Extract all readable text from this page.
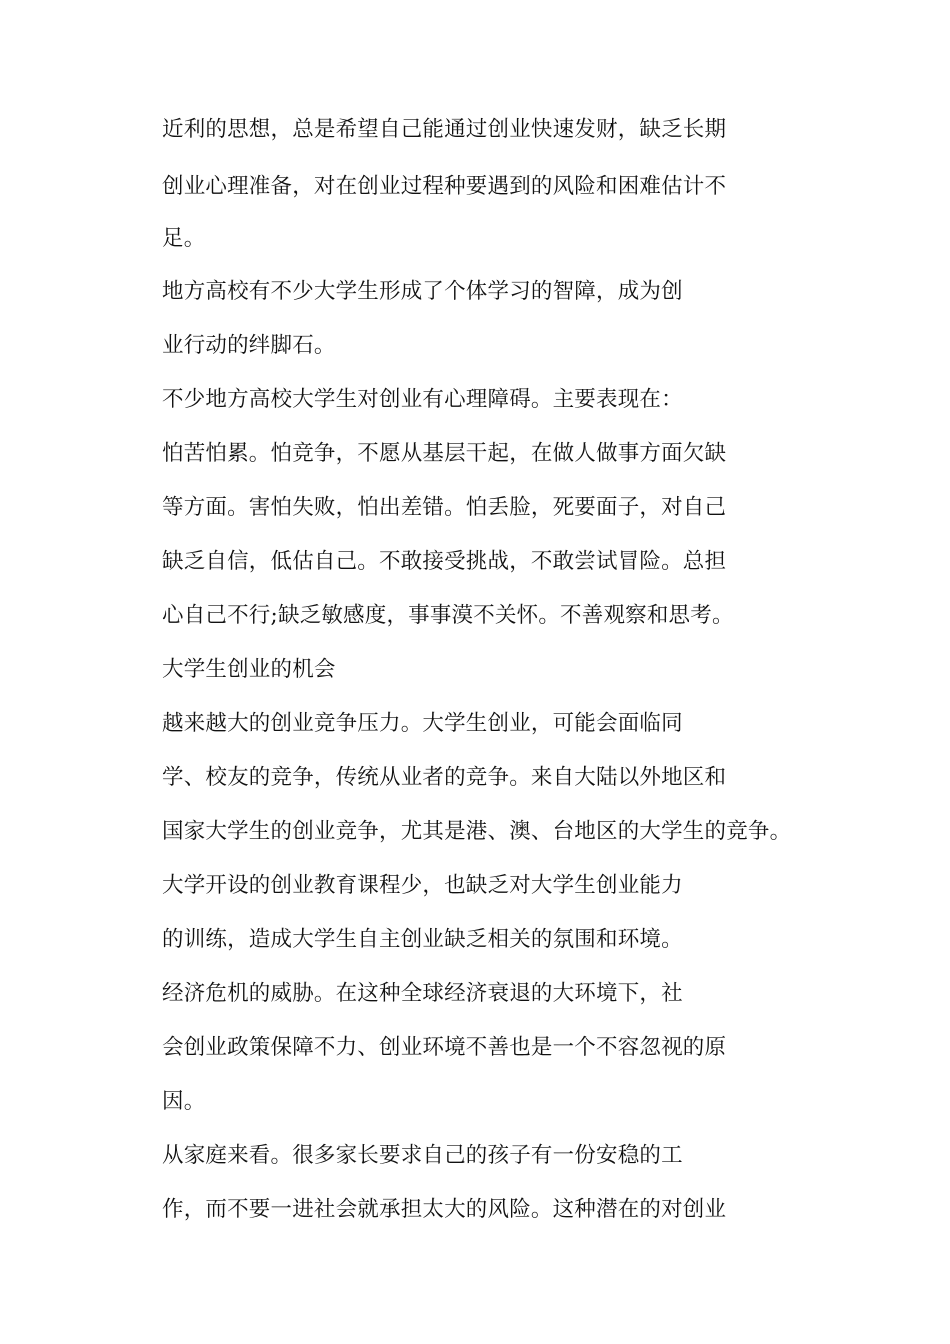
近利的思想，总是希望自己能通过创业快速发财，缺乏长期

创业心理准备，对在创业过程种要遇到的风险和困难估计不

足。

地方高校有不少大学生形成了个体学习的智障，成为创

业行动的绊脚石。

不少地方高校大学生对创业有心理障碍。主要表现在：

怕苦怕累。怕竞争，不愿从基层干起，在做人做事方面欠缺

等方面。害怕失败，怕出差错。怕丢脸，死要面子，对自己

缺乏自信，低估自己。不敢接受挑战，不敢尝试冒险。总担

心自己不行;缺乏敏感度，事事漠不关怀。不善观察和思考。

大学生创业的机会

越来越大的创业竞争压力。大学生创业，可能会面临同

学、校友的竞争，传统从业者的竞争。来自大陆以外地区和

国家大学生的创业竞争，尤其是港、澳、台地区的大学生的竞争。

大学开设的创业教育课程少，也缺乏对大学生创业能力

的训练，造成大学生自主创业缺乏相关的氛围和环境。

经济危机的威胁。在这种全球经济衰退的大环境下，社

会创业政策保障不力、创业环境不善也是一个不容忽视的原

因。

从家庭来看。很多家长要求自己的孩子有一份安稳的工

作，而不要一进社会就承担太大的风险。这种潜在的对创业
